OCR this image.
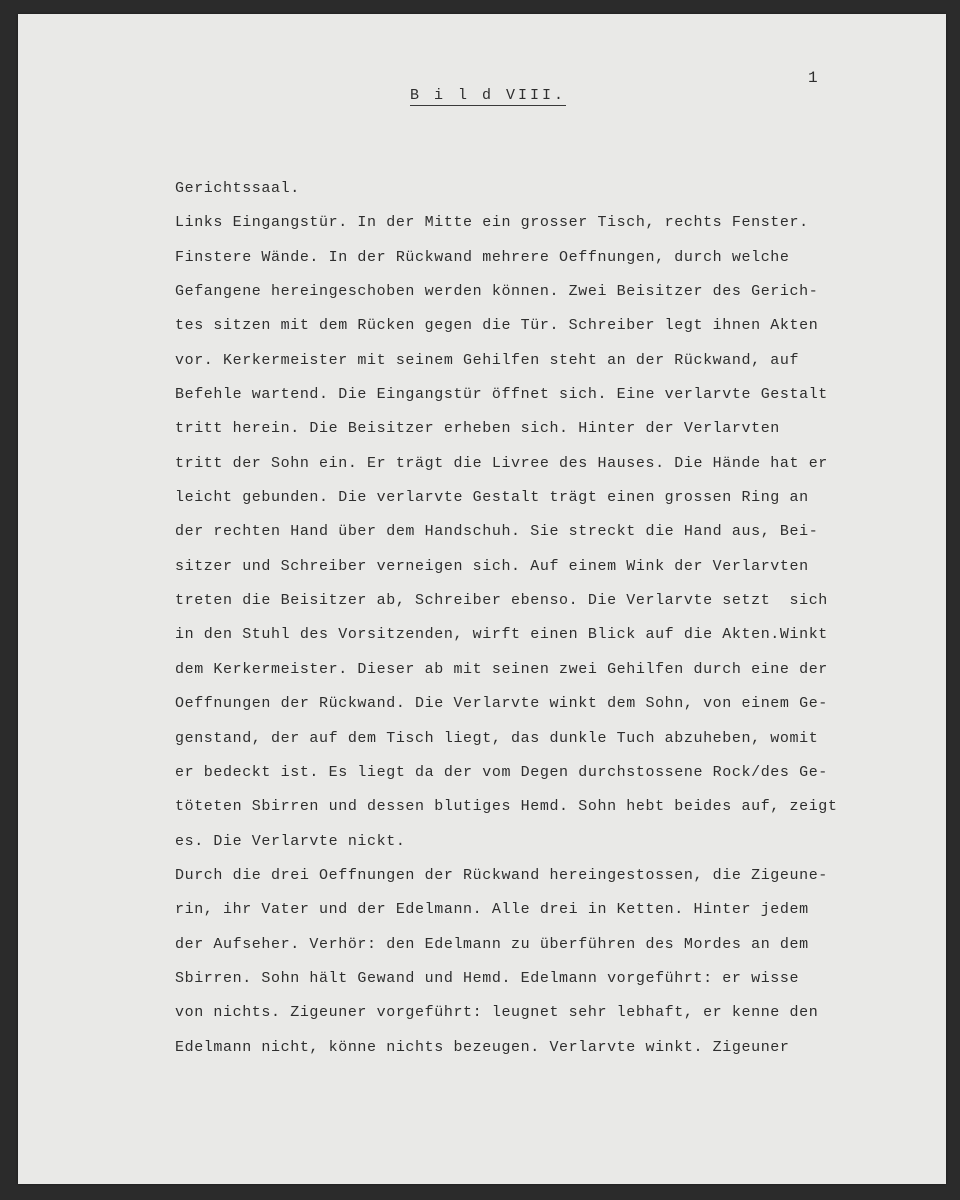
1
B i l d VIII.
Gerichtssaal.
Links Eingangstür. In der Mitte ein grosser Tisch, rechts Fenster.
Finstere Wände. In der Rückwand mehrere Oeffnungen, durch welche
Gefangene hereingeschoben werden können. Zwei Beisitzer des Gerich-
tes sitzen mit dem Rücken gegen die Tür. Schreiber legt ihnen Akten
vor. Kerkermeister mit seinem Gehilfen steht an der Rückwand, auf
Befehle wartend. Die Eingangstür öffnet sich. Eine verlarvte Gestalt
tritt herein. Die Beisitzer erheben sich. Hinter der Verlarvten
tritt der Sohn ein. Er trägt die Livree des Hauses. Die Hände hat er
leicht gebunden. Die verlarvte Gestalt trägt einen grossen Ring an
der rechten Hand über dem Handschuh. Sie streckt die Hand aus, Bei-
sitzer und Schreiber verneigen sich. Auf einem Wink der Verlarvten
treten die Beisitzer ab, Schreiber ebenso. Die Verlarvte setzt  sich
in den Stuhl des Vorsitzenden, wirft einen Blick auf die Akten.Winkt
dem Kerkermeister. Dieser ab mit seinen zwei Gehilfen durch eine der
Oeffnungen der Rückwand. Die Verlarvte winkt dem Sohn, von einem Ge-
genstand, der auf dem Tisch liegt, das dunkle Tuch abzuheben, womit
er bedeckt ist. Es liegt da der vom Degen durchstossene Rock/des Ge-
töteten Sbirren und dessen blutiges Hemd. Sohn hebt beides auf, zeigt
es. Die Verlarvte nickt.
Durch die drei Oeffnungen der Rückwand hereingestossen, die Zigeune-
rin, ihr Vater und der Edelmann. Alle drei in Ketten. Hinter jedem
der Aufseher. Verhör: den Edelmann zu überführen des Mordes an dem
Sbirren. Sohn hält Gewand und Hemd. Edelmann vorgeführt: er wisse
von nichts. Zigeuner vorgeführt: leugnet sehr lebhaft, er kenne den
Edelmann nicht, könne nichts bezeugen. Verlarvte winkt. Zigeuner
